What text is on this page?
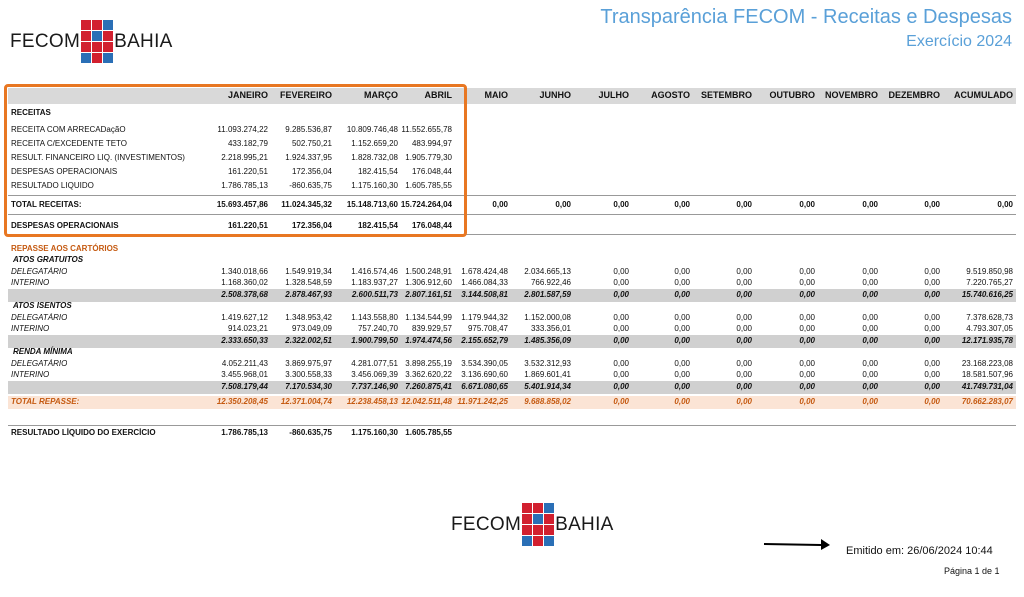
FECOM BAHIA
Transparência FECOM - Receitas e Despesas
Exercício 2024
JANEIRO	FEVEREIRO	MARÇO	ABRIL	MAIO	JUNHO	JULHO	AGOSTO	SETEMBRO	OUTUBRO	NOVEMBRO	DEZEMBRO	ACUMULADO
RECEITAS
RECEITA COM ARRECADaçãO	11.093.274,22	9.285.536,87	10.809.746,48 11.552.655,78
RECEITA C/EXCEDENTE TETO	433.182,79	502.750,21	1.152.659,20	483.994,97
RESULT. FINANCEIRO LIQ. (INVESTIMENTOS)	2.218.995,21	1.924.337,95	1.828.732,08 1.905.779,30
DESPESAS OPERACIONAIS	161.220,51	172.356,04	182.415,54	176.048,44
RESULTADO LIQUIDO	1.786.785,13	-860.635,75	1.175.160,30 1.605.785,55
TOTAL RECEITAS:	15.693.457,86	11.024.345,32	15.148.713,60 15.724.264,04	0,00	0,00	0,00	0,00	0,00	0,00	0,00	0,00	0,00
DESPESAS OPERACIONAIS	161.220,51	172.356,04	182.415,54	176.048,44
REPASSE AOS CARTÓRIOS
ATOS GRATUITOS
DELEGATÁRIO	1.340.018,66	1.549.919,34	1.416.574,46 1.500.248,91	1.678.424,48	2.034.665,13	0,00	0,00	0,00	0,00	0,00	0,00	9.519.850,98
INTERINO	1.168.360,02	1.328.548,59	1.183.937,27 1.306.912,60	1.466.084,33	766.922,46	0,00	0,00	0,00	0,00	0,00	0,00	7.220.765,27
2.508.378,68	2.878.467,93	2.600.511,73 2.807.161,51	3.144.508,81	2.801.587,59	0,00	0,00	0,00	0,00	0,00	0,00	15.740.616,25
ATOS ISENTOS
DELEGATÁRIO	1.419.627,12	1.348.953,42	1.143.558,80 1.134.544,99	1.179.944,32	1.152.000,08	0,00	0,00	0,00	0,00	0,00	0,00	7.378.628,73
INTERINO	914.023,21	973.049,09	757.240,70	839.929,57	975.708,47	333.356,01	0,00	0,00	0,00	0,00	0,00	0,00	4.793.307,05
2.333.650,33	2.322.002,51	1.900.799,50 1.974.474,56	2.155.652,79	1.485.356,09	0,00	0,00	0,00	0,00	0,00	0,00	12.171.935,78
RENDA MÍNIMA
DELEGATÁRIO	4.052.211,43	3.869.975,97	4.281.077,51 3.898.255,19	3.534.390,05	3.532.312,93	0,00	0,00	0,00	0,00	0,00	0,00	23.168.223,08
INTERINO	3.455.968,01	3.300.558,33	3.456.069,39 3.362.620,22	3.136.690,60	1.869.601,41	0,00	0,00	0,00	0,00	0,00	0,00	18.581.507,96
7.508.179,44	7.170.534,30	7.737.146,90 7.260.875,41	6.671.080,65	5.401.914,34	0,00	0,00	0,00	0,00	0,00	0,00	41.749.731,04
TOTAL REPASSE:	12.350.208,45	12.371.004,74	12.238.458,13 12.042.511,48 11.971.242,25	9.688.858,02	0,00	0,00	0,00	0,00	0,00	0,00	70.662.283,07
RESULTADO LÍQUIDO DO EXERCÍCIO	1.786.785,13	-860.635,75	1.175.160,30 1.605.785,55
FECOM BAHIA
Emitido em: 26/06/2024 10:44
Página 1 de 1
